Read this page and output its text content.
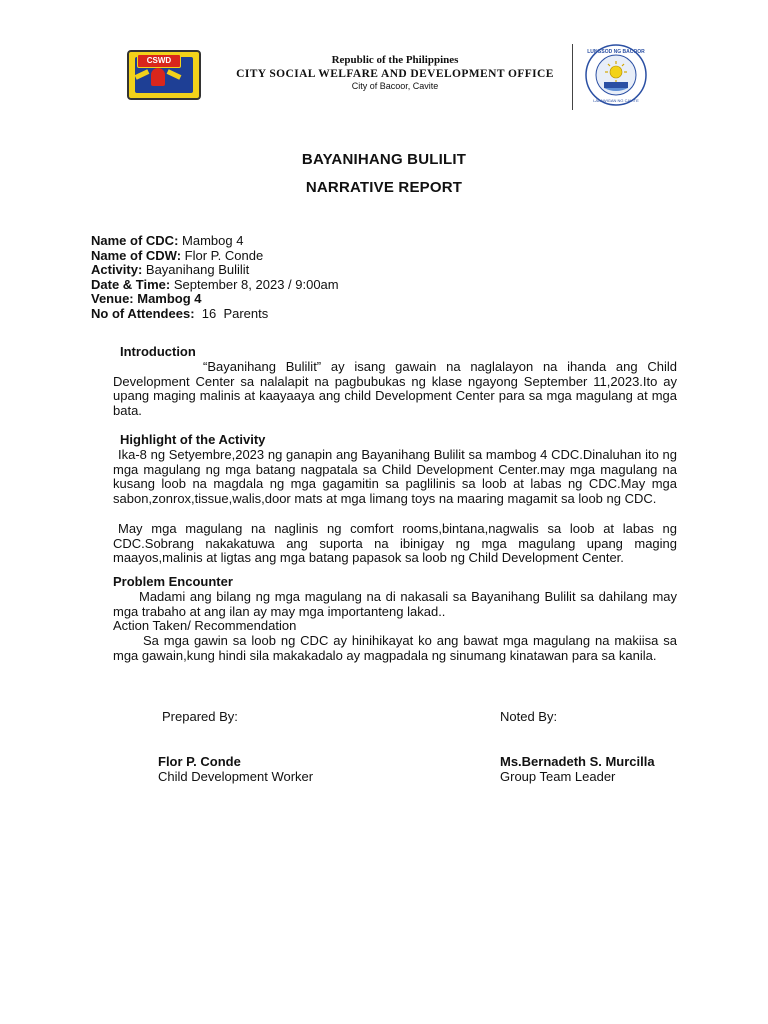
CSWD	Republic of the Philippines
CITY SOCIAL WELFARE AND DEVELOPMENT OFFICE
City of Bacoor, Cavite
LUNGSOD NG BACOOR
LALAWIGAN NG CAVITE
BAYANIHANG BULILIT
NARRATIVE REPORT
Name of CDC: Mambog 4
Name of CDW: Flor P. Conde
Activity: Bayanihang Bulilit
Date & Time: September 8, 2023 / 9:00am
Venue: Mambog 4
No of Attendees:  16  Parents
Introduction
“Bayanihang Bulilit” ay isang gawain na naglalayon na ihanda ang Child Development Center sa nalalapit na pagbubukas ng klase ngayong September 11,2023.Ito ay upang maging malinis at kaayaaya ang child Development Center para sa mga magulang at mga bata.
Highlight of the Activity
Ika-8 ng Setyembre,2023 ng ganapin ang Bayanihang Bulilit sa mambog 4 CDC.Dinaluhan ito ng mga magulang ng mga batang nagpatala sa Child Development Center.may mga magulang na kusang loob na magdala ng mga gagamitin sa paglilinis sa loob at labas ng CDC.May mga sabon,zonrox,tissue,walis,door mats at mga limang toys na maaring magamit sa loob ng CDC.
May mga magulang na naglinis ng comfort rooms,bintana,nagwalis sa loob at labas ng CDC.Sobrang nakakatuwa ang suporta na ibinigay ng mga magulang upang maging maayos,malinis at ligtas ang mga batang papasok sa loob ng Child Development Center.
Problem Encounter
Madami ang bilang ng mga magulang na di nakasali sa Bayanihang Bulilit sa dahilang may mga trabaho at ang ilan ay may mga importanteng lakad..
Action Taken/ Recommendation
Sa mga gawin sa loob ng CDC ay hinihikayat ko ang bawat mga magulang na makiisa sa mga gawain,kung hindi sila makakadalo ay magpadala ng sinumang kinatawan para sa kanila.
Prepared By:	Noted By:
Flor P. Conde
Child Development Worker
Ms.Bernadeth S. Murcilla
Group Team Leader
